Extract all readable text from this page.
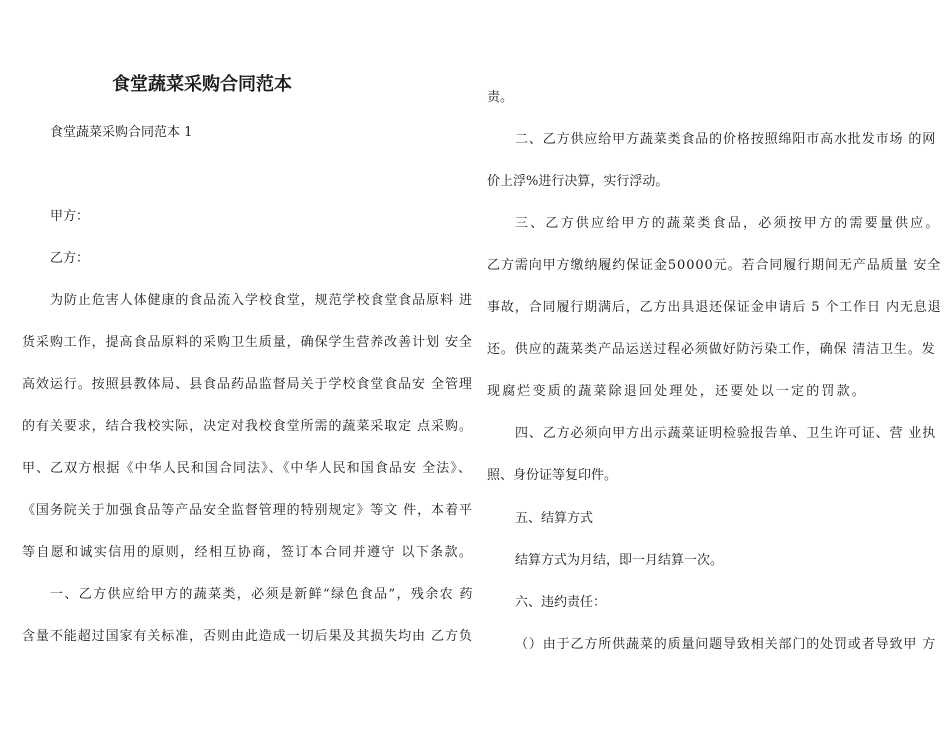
食堂蔬菜采购合同范本
食堂蔬菜采购合同范本 1
甲方：
乙方：
为防止危害人体健康的食品流入学校食堂，规范学校食堂食品原料 进
货采购工作，提高食品原料的采购卫生质量，确保学生营养改善计划 安全
高效运行。按照县教体局、县食品药品监督局关于学校食堂食品安 全管理
的有关要求，结合我校实际，决定对我校食堂所需的蔬菜采取定 点采购。
甲、乙双方根据《中华人民和国合同法》、《中华人民和国食品安 全法》、
《国务院关于加强食品等产品安全监督管理的特别规定》等文 件，本着平
等自愿和诚实信用的原则，经相互协商，签订本合同并遵守 以下条款。
一、乙方供应给甲方的蔬菜类，必须是新鲜“绿色食品”，残余农 药
含量不能超过国家有关标准，否则由此造成一切后果及其损失均由 乙方负
责。
二、乙方供应给甲方蔬菜类食品的价格按照绵阳市高水批发市场 的网
价上浮%进行决算，实行浮动。
三、乙方供应给甲方的蔬菜类食品，必须按甲方的需要量供应。
乙方需向甲方缴纳履约保证金50000元。若合同履行期间无产品质量 安全
事故，合同履行期满后，乙方出具退还保证金申请后 5 个工作日 内无息退
还。供应的蔬菜类产品运送过程必须做好防污染工作，确保 清洁卫生。发
现腐烂变质的蔬菜除退回处理处，还要处以一定的罚款。
四、乙方必须向甲方出示蔬菜证明检验报告单、卫生许可证、营 业执
照、身份证等复印件。
五、结算方式
结算方式为月结，即一月结算一次。
六、违约责任：
（）由于乙方所供蔬菜的质量问题导致相关部门的处罚或者导致甲 方
